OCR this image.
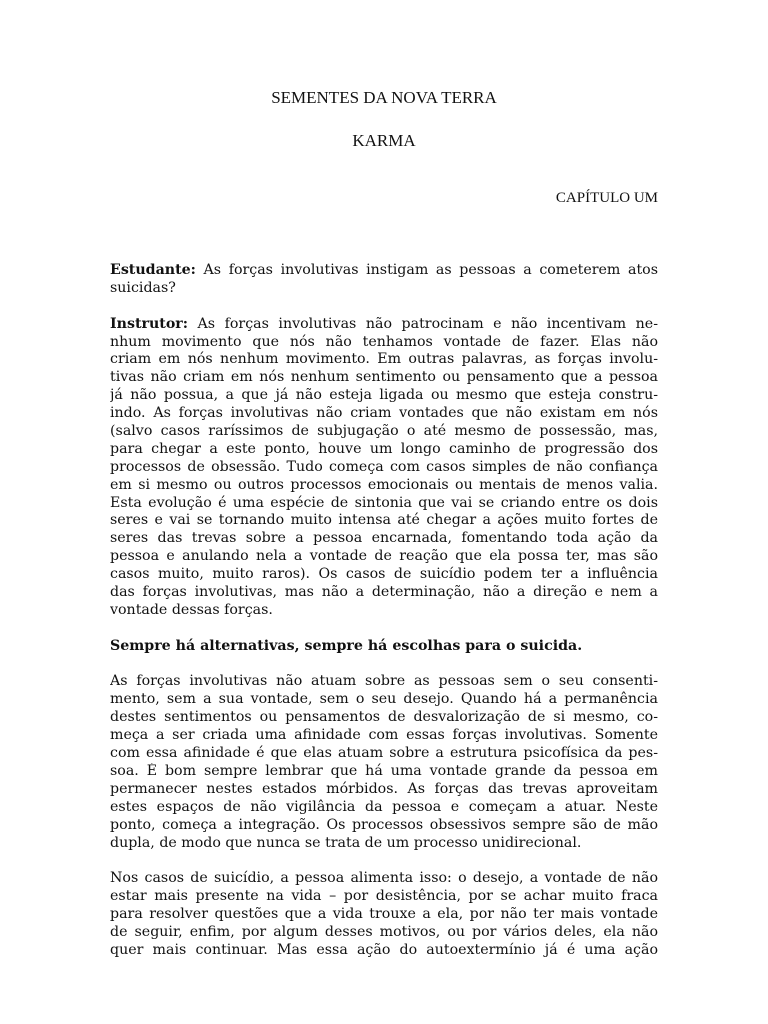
SEMENTES DA NOVA TERRA
KARMA
CAPÍTULO UM
Estudante: As forças involutivas instigam as pessoas a cometerem atos
suicidas?
Instrutor: As forças involutivas não patrocinam e não incentivam ne-
nhum movimento que nós não tenhamos vontade de fazer. Elas não
criam em nós nenhum movimento. Em outras palavras, as forças involu-
tivas não criam em nós nenhum sentimento ou pensamento que a pessoa
já não possua, a que já não esteja ligada ou mesmo que esteja constru-
indo. As forças involutivas não criam vontades que não existam em nós
(salvo casos raríssimos de subjugação o até mesmo de possessão, mas,
para chegar a este ponto, houve um longo caminho de progressão dos
processos de obsessão. Tudo começa com casos simples de não confiança
em si mesmo ou outros processos emocionais ou mentais de menos valia.
Esta evolução é uma espécie de sintonia que vai se criando entre os dois
seres e vai se tornando muito intensa até chegar a ações muito fortes de
seres das trevas sobre a pessoa encarnada, fomentando toda ação da
pessoa e anulando nela a vontade de reação que ela possa ter, mas são
casos muito, muito raros). Os casos de suicídio podem ter a influência
das forças involutivas, mas não a determinação, não a direção e nem a
vontade dessas forças.
Sempre há alternativas, sempre há escolhas para o suicida.
As forças involutivas não atuam sobre as pessoas sem o seu consenti-
mento, sem a sua vontade, sem o seu desejo. Quando há a permanência
destes sentimentos ou pensamentos de desvalorização de si mesmo, co-
meça a ser criada uma afinidade com essas forças involutivas. Somente
com essa afinidade é que elas atuam sobre a estrutura psicofísica da pes-
soa. É bom sempre lembrar que há uma vontade grande da pessoa em
permanecer nestes estados mórbidos. As forças das trevas aproveitam
estes espaços de não vigilância da pessoa e começam a atuar. Neste
ponto, começa a integração. Os processos obsessivos sempre são de mão
dupla, de modo que nunca se trata de um processo unidirecional.
Nos casos de suicídio, a pessoa alimenta isso: o desejo, a vontade de não
estar mais presente na vida – por desistência, por se achar muito fraca
para resolver questões que a vida trouxe a ela, por não ter mais vontade
de seguir, enfim, por algum desses motivos, ou por vários deles, ela não
quer mais continuar. Mas essa ação do autoextermínio já é uma ação
